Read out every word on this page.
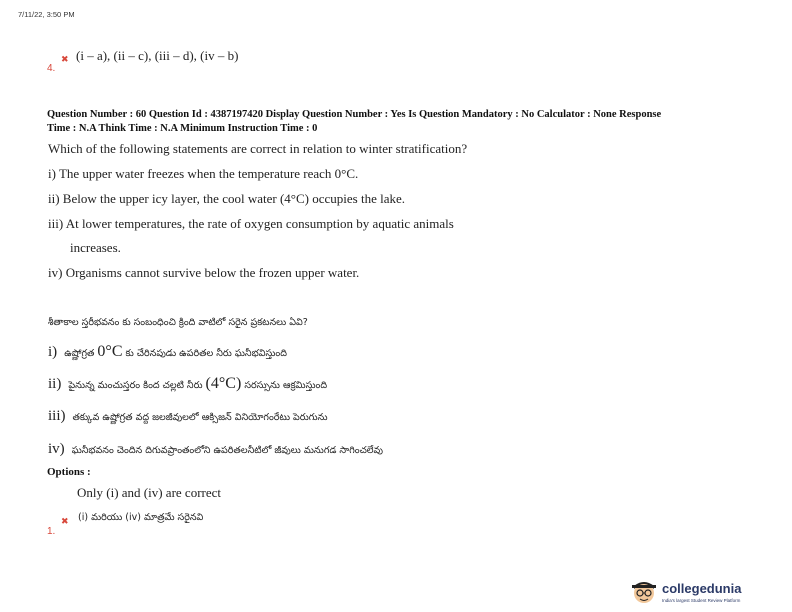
7/11/22, 3:50 PM
4.
✖ (i – a), (ii – c), (iii – d), (iv – b)
Question Number : 60 Question Id : 4387197420 Display Question Number : Yes Is Question Mandatory : No Calculator : None Response
Time : N.A Think Time : N.A Minimum Instruction Time : 0
Which of the following statements are correct in relation to winter stratification?
i) The upper water freezes when the temperature reach 0°C.
ii) Below the upper icy layer, the cool water (4°C) occupies the lake.
iii) At lower temperatures, the rate of oxygen consumption by aquatic animals
increases.
iv) Organisms cannot survive below the frozen upper water.
శీతాకాల స్తరీభవనం కు సంబంధించి క్రింది వాటిలో సరైన ప్రకటనలు ఏవి?
i) ఉష్ణోగ్రత 0°C కు చేరినపుడు ఉపరితల నీరు ఘనీభవిస్తుంది
ii) పైనున్న మంచుస్తరం కింద చల్లటి నీరు (4°C) సరస్సును ఆక్రమిస్తుంది
iii) తక్కువ ఉష్ణోగ్రత వద్ద జలజీవులలో ఆక్సిజన్ వినియోగంరేటు పెరుగును
iv) ఘనీభవనం చెందిన దిగువప్రాంతంలోని ఉపరితలనీటిలో జీవులు మనుగడ సాగించలేవు
Options :
Only (i) and (iv) are correct
1.
✖ (i) మరియు (iv) మాత్రమే సరైనవి
collegedunia
India's largest Student Review Platform
